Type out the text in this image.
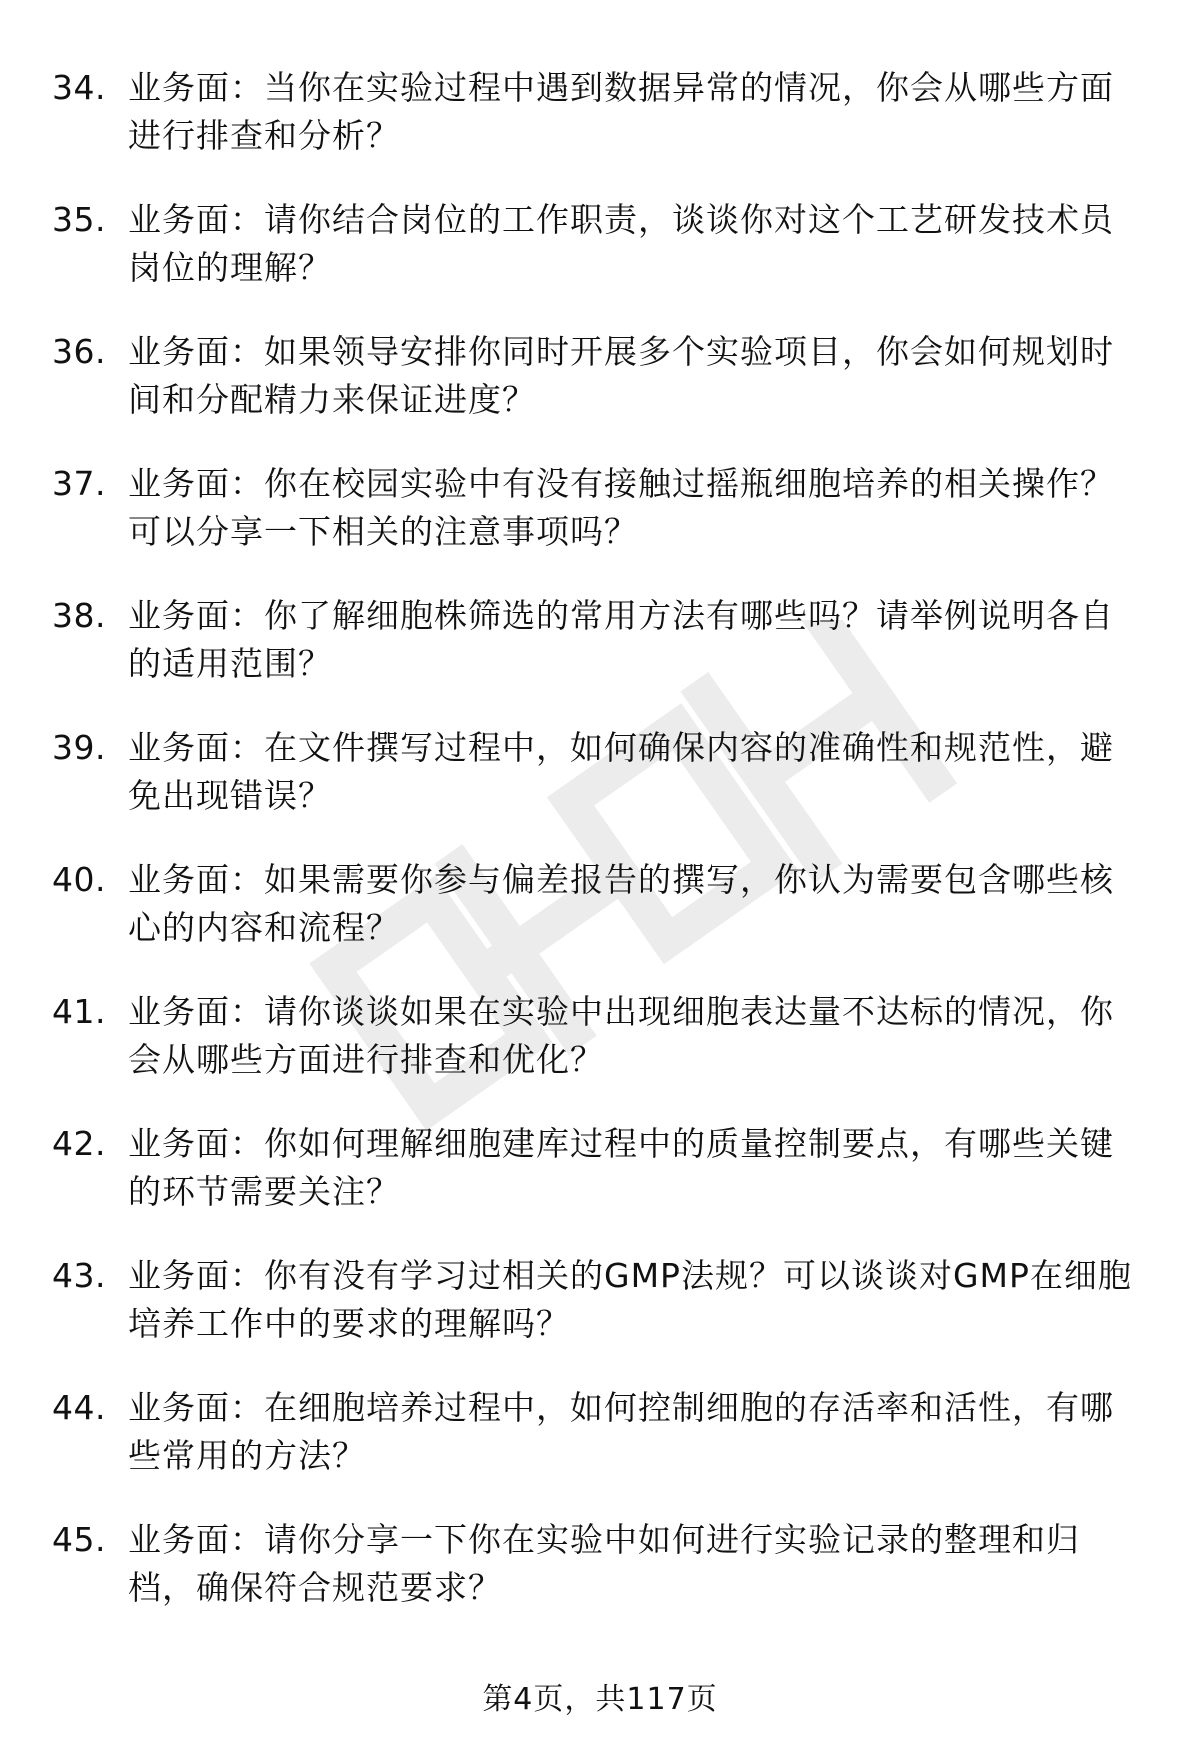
34. 业务面：当你在实验过程中遇到数据异常的情况，你会从哪些方面进行排查和分析？
35. 业务面：请你结合岗位的工作职责，谈谈你对这个工艺研发技术员岗位的理解？
36. 业务面：如果领导安排你同时开展多个实验项目，你会如何规划时间和分配精力来保证进度？
37. 业务面：你在校园实验中有没有接触过摇瓶细胞培养的相关操作？可以分享一下相关的注意事项吗？
38. 业务面：你了解细胞株筛选的常用方法有哪些吗？请举例说明各自的适用范围？
39. 业务面：在文件撰写过程中，如何确保内容的准确性和规范性，避免出现错误？
40. 业务面：如果需要你参与偏差报告的撰写，你认为需要包含哪些核心的内容和流程？
41. 业务面：请你谈谈如果在实验中出现细胞表达量不达标的情况，你会从哪些方面进行排查和优化？
42. 业务面：你如何理解细胞建库过程中的质量控制要点，有哪些关键的环节需要关注？
43. 业务面：你有没有学习过相关的GMP法规？可以谈谈对GMP在细胞培养工作中的要求的理解吗？
44. 业务面：在细胞培养过程中，如何控制细胞的存活率和活性，有哪些常用的方法？
45. 业务面：请你分享一下你在实验中如何进行实验记录的整理和归档，确保符合规范要求？
第4页，共117页
